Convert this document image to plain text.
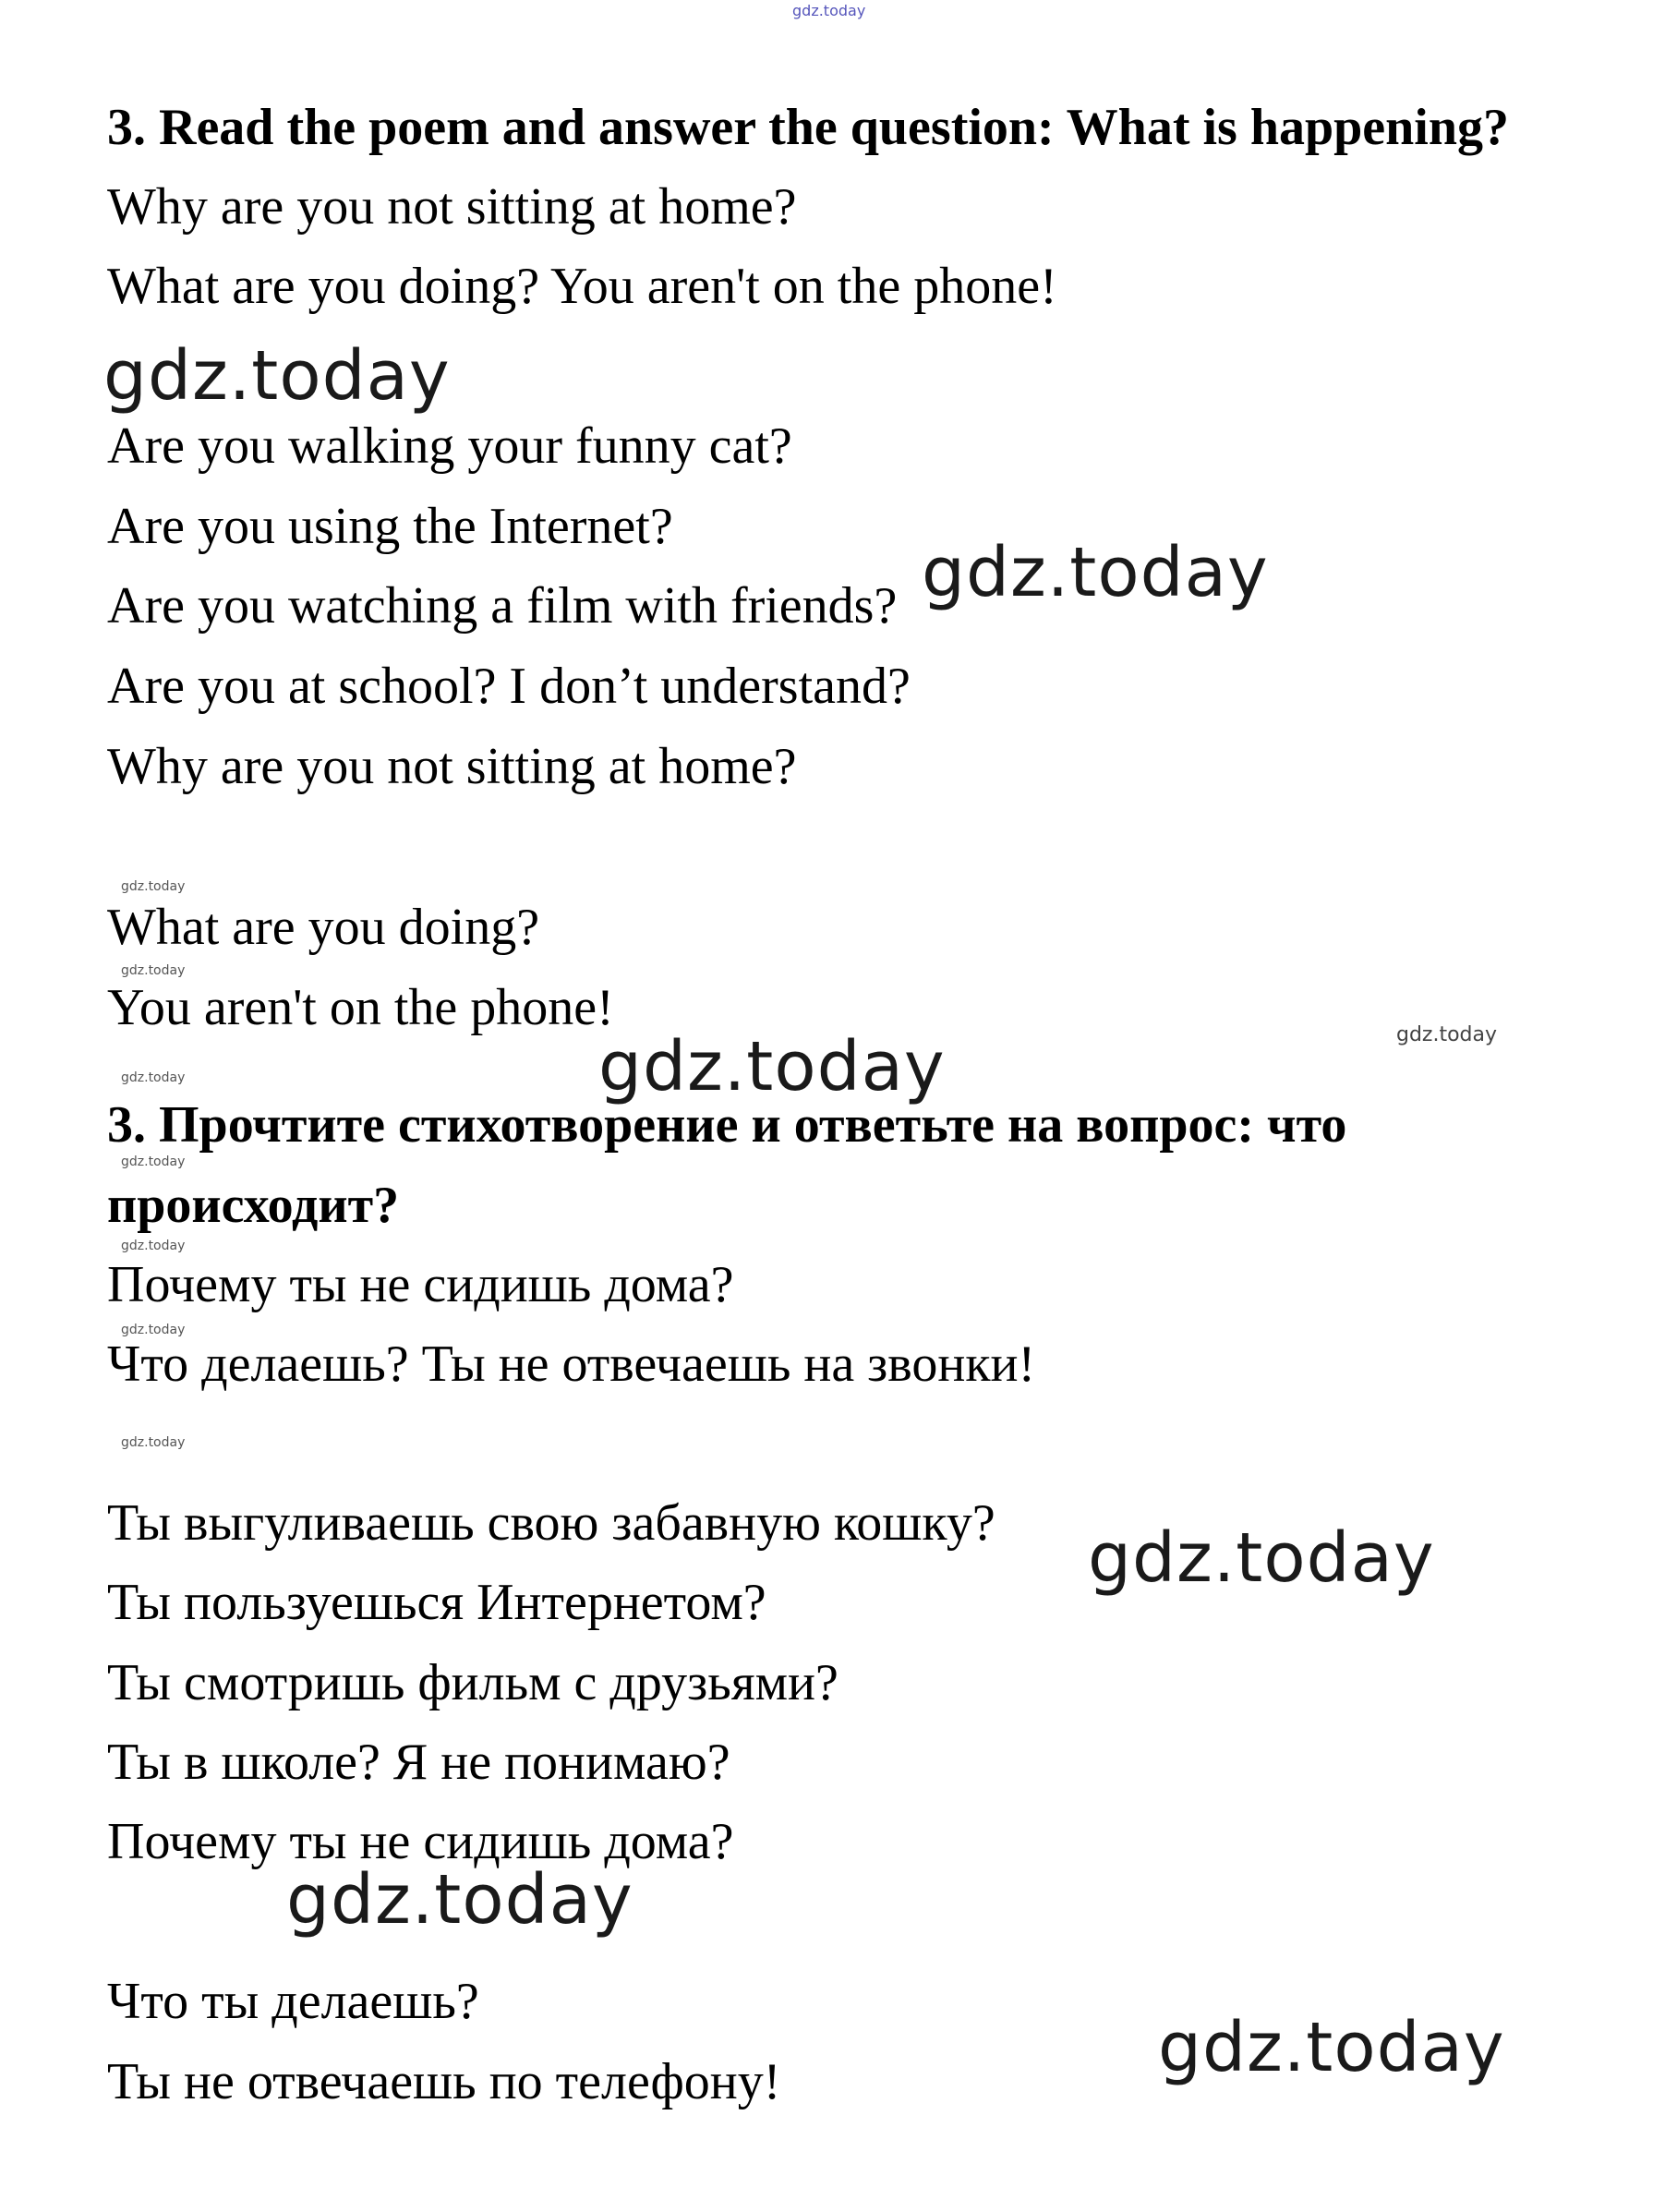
gdz.today
3. Read the poem and answer the question: What is happening?
Why are you not sitting at home?
What are you doing? You aren't on the phone!
gdz.today
Are you walking your funny cat?
Are you using the Internet?
Are you watching a film with friends? gdz.today
Are you at school? I don’t understand?
Why are you not sitting at home?
gdz.today
What are you doing?
gdz.today
You aren't on the phone!
gdz.today	gdz.today
gdz.today
3. Прочтите стихотворение и ответьте на вопрос: что
gdz.today
происходит?
gdz.today
Почему ты не сидишь дома?
gdz.today
Что делаешь? Ты не отвечаешь на звонки!
gdz.today
Ты выгуливаешь свою забавную кошку? gdz.today
Ты пользуешься Интернетом?
Ты смотришь фильм с друзьями?
Ты в школе? Я не понимаю?
Почему ты не сидишь дома?
gdz.today
Что ты делаешь?
gdz.today
Ты не отвечаешь по телефону!
